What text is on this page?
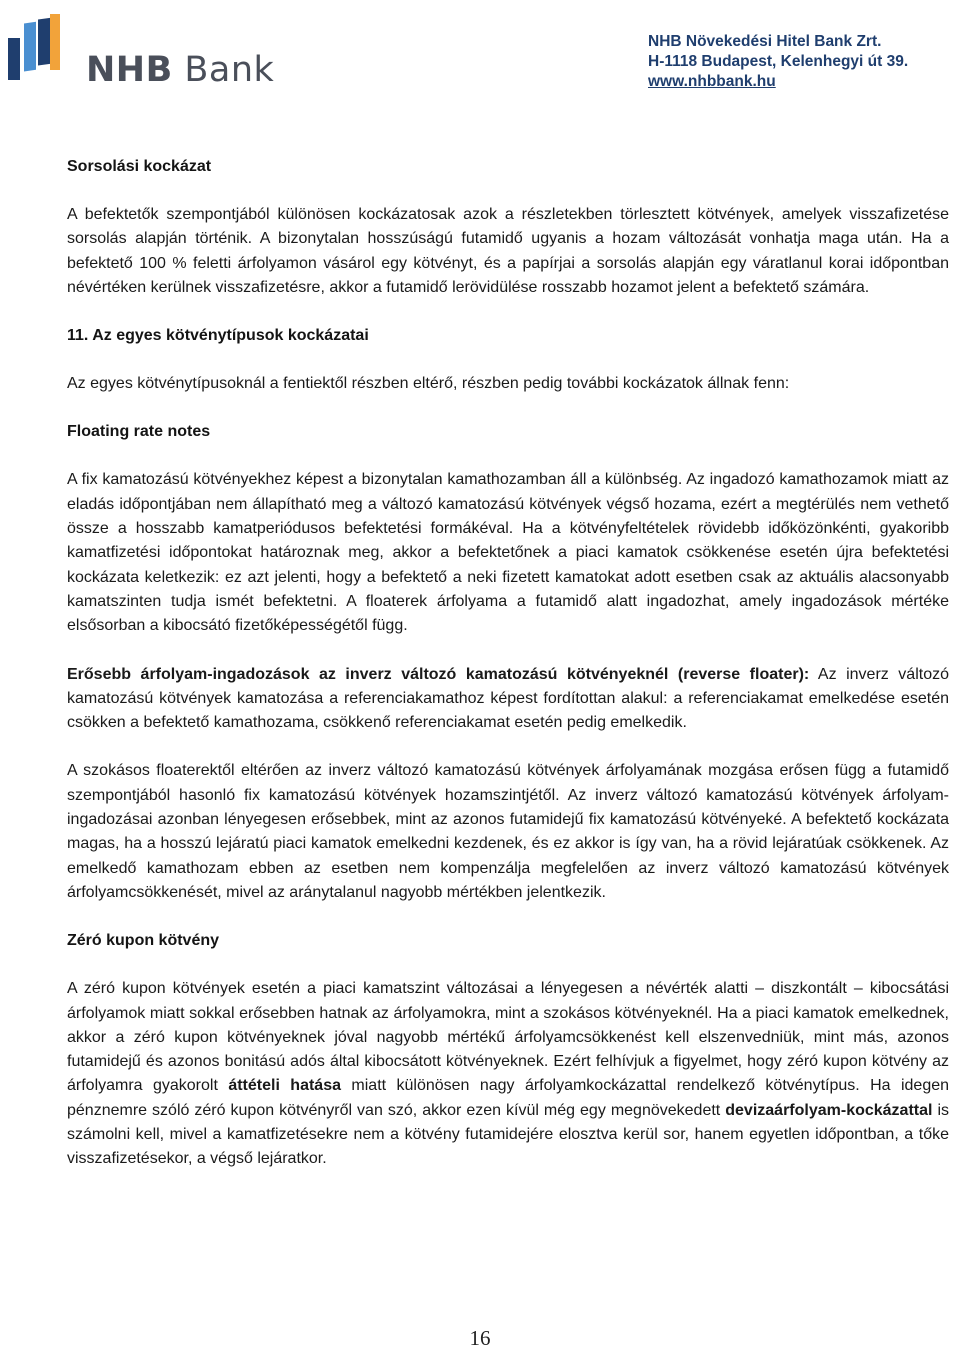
NHB Bank
NHB Növekedési Hitel Bank Zrt.
H-1118 Budapest, Kelenhegyi út 39.
www.nhbbank.hu

Sorsolási kockázat

A befektetők szempontjából különösen kockázatosak azok a részletekben törlesztett kötvények, amelyek visszafizetése sorsolás alapján történik. A bizonytalan hosszúságú futamidő ugyanis a hozam változását vonhatja maga után. Ha a befektető 100 % feletti árfolyamon vásárol egy kötvényt, és a papírjai a sorsolás alapján egy váratlanul korai időpontban névértéken kerülnek visszafizetésre, akkor a futamidő lerövidülése rosszabb hozamot jelent a befektető számára.

11. Az egyes kötvénytípusok kockázatai

Az egyes kötvénytípusoknál a fentiektől részben eltérő, részben pedig további kockázatok állnak fenn:

Floating rate notes

A fix kamatozású kötvényekhez képest a bizonytalan kamathozamban áll a különbség. Az ingadozó kamathozamok miatt az eladás időpontjában nem állapítható meg a változó kamatozású kötvények végső hozama, ezért a megtérülés nem vethető össze a hosszabb kamatperiódusos befektetési formákéval. Ha a kötvényfeltételek rövidebb időközönkénti, gyakoribb kamatfizetési időpontokat határoznak meg, akkor a befektetőnek a piaci kamatok csökkenése esetén újra befektetési kockázata keletkezik: ez azt jelenti, hogy a befektető a neki fizetett kamatokat adott esetben csak az aktuális alacsonyabb kamatszinten tudja ismét befektetni. A floaterek árfolyama a futamidő alatt ingadozhat, amely ingadozások mértéke elsősorban a kibocsátó fizetőképességétől függ.

Erősebb árfolyam-ingadozások az inverz változó kamatozású kötvényeknél (reverse floater): Az inverz változó kamatozású kötvények kamatozása a referenciakamathoz képest fordítottan alakul: a referenciakamat emelkedése esetén csökken a befektető kamathozama, csökkenő referenciakamat esetén pedig emelkedik.

A szokásos floaterektől eltérően az inverz változó kamatozású kötvények árfolyamának mozgása erősen függ a futamidő szempontjából hasonló fix kamatozású kötvények hozamszintjétől. Az inverz változó kamatozású kötvények árfolyam-ingadozásai azonban lényegesen erősebbek, mint az azonos futamidejű fix kamatozású kötvényeké. A befektető kockázata magas, ha a hosszú lejáratú piaci kamatok emelkedni kezdenek, és ez akkor is így van, ha a rövid lejáratúak csökkenek. Az emelkedő kamathozam ebben az esetben nem kompenzálja megfelelően az inverz változó kamatozású kötvények árfolyamcsökkenését, mivel az aránytalanul nagyobb mértékben jelentkezik.

Zéró kupon kötvény

A zéró kupon kötvények esetén a piaci kamatszint változásai a lényegesen a névérték alatti – diszkontált – kibocsátási árfolyamok miatt sokkal erősebben hatnak az árfolyamokra, mint a szokásos kötvényeknél. Ha a piaci kamatok emelkednek, akkor a zéró kupon kötvényeknek jóval nagyobb mértékű árfolyamcsökkenést kell elszenvedniük, mint más, azonos futamidejű és azonos bonitású adós által kibocsátott kötvényeknek. Ezért felhívjuk a figyelmet, hogy zéró kupon kötvény az árfolyamra gyakorolt áttételi hatása miatt különösen nagy árfolyamkockázattal rendelkező kötvénytípus. Ha idegen pénznemre szóló zéró kupon kötvényről van szó, akkor ezen kívül még egy megnövekedett devizaárfolyam-kockázattal is számolni kell, mivel a kamatfizetésekre nem a kötvény futamidejére elosztva kerül sor, hanem egyetlen időpontban, a tőke visszafizetésekor, a végső lejáratkor.

16
